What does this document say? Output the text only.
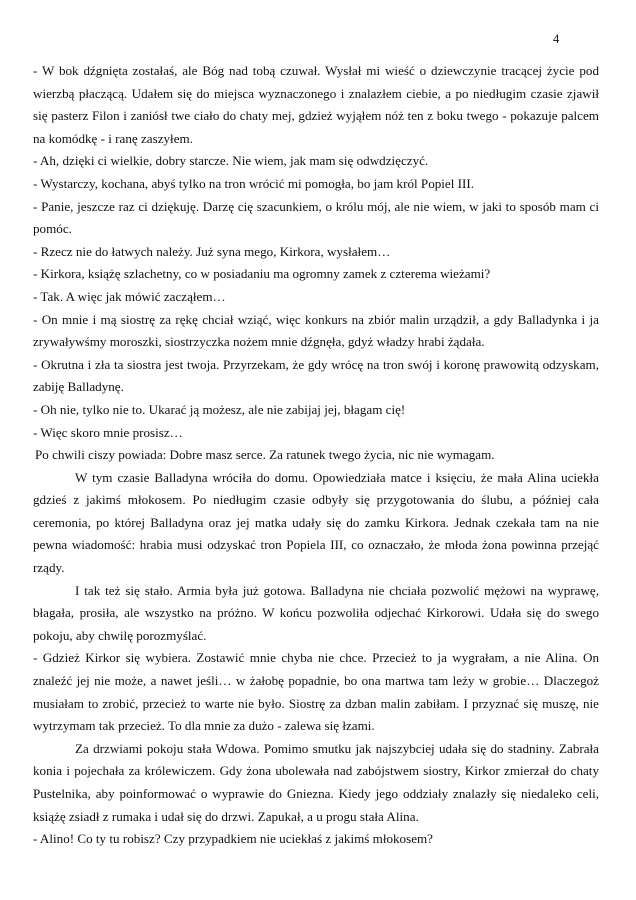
4

- W bok dźgnięta zostałaś, ale Bóg nad tobą czuwał. Wysłał mi wieść o dziewczynie tracącej życie pod wierzbą płaczącą. Udałem się do miejsca wyznaczonego i znalazłem ciebie, a po niedługim czasie zjawił się pasterz Filon i zaniósł twe ciało do chaty mej, gdzież wyjąłem nóż ten z boku twego - pokazuje palcem na komódkę - i ranę zaszyłem.

- Ah, dzięki ci wielkie, dobry starcze. Nie wiem, jak mam się odwdzięczyć.

- Wystarczy, kochana, abyś tylko na tron wrócić mi pomogła, bo jam król Popiel III.

- Panie, jeszcze raz ci dziękuję. Darzę cię szacunkiem, o królu mój, ale nie wiem, w jaki to sposób mam ci pomóc.

- Rzecz nie do łatwych należy. Już syna mego, Kirkora, wysłałem…

- Kirkora, książę szlachetny, co w posiadaniu ma ogromny zamek z czterema wieżami?

- Tak. A więc jak mówić zacząłem…

- On mnie i mą siostrę za rękę chciał wziąć, więc konkurs na zbiór malin urządził, a gdy Balladynka i ja zrywaływśmy moroszki, siostrzyczka nożem mnie dźgnęła, gdyż władzy hrabi żądała.

- Okrutna i zła ta siostra jest twoja. Przyrzekam, że gdy wrócę na tron swój i koronę prawowitą odzyskam, zabiję Balladynę.

- Oh nie, tylko nie to. Ukarać ją możesz, ale nie zabijaj jej, błagam cię!

- Więc skoro mnie prosisz…

Po chwili ciszy powiada: Dobre masz serce. Za ratunek twego życia, nic nie wymagam.

W tym czasie Balladyna wróciła do domu. Opowiedziała matce i księciu, że mała Alina uciekła gdzieś z jakimś młokosem. Po niedługim czasie odbyły się przygotowania do ślubu, a później cała ceremonia, po której Balladyna oraz jej matka udały się do zamku Kirkora. Jednak czekała tam na nie pewna wiadomość: hrabia musi odzyskać tron Popiela III, co oznaczało, że młoda żona powinna przejąć rządy.

I tak też się stało. Armia była już gotowa. Balladyna nie chciała pozwolić mężowi na wyprawę, błagała, prosiła, ale wszystko na próżno. W końcu pozwoliła odjechać Kirkorowi. Udała się do swego pokoju, aby chwilę porozmyślać.

- Gdzież Kirkor się wybiera. Zostawić mnie chyba nie chce. Przecież to ja wygrałam, a nie Alina. On znaleźć jej nie może, a nawet jeśli… w żałobę popadnie, bo ona martwa tam leży w grobie… Dlaczegoż musiałam to zrobić, przecież to warte nie było. Siostrę za dzban malin zabiłam. I przyznać się muszę, nie wytrzymam tak przecież. To dla mnie za dużo - zalewa się łzami.

Za drzwiami pokoju stała Wdowa. Pomimo smutku jak najszybciej udała się do stadniny. Zabrała konia i pojechała za królewiczem. Gdy żona ubolewała nad zabójstwem siostry, Kirkor zmierzał do chaty Pustelnika, aby poinformować o wyprawie do Gniezna. Kiedy jego oddziały znalazły się niedaleko celi, książę zsiadł z rumaka i udał się do drzwi. Zapukał, a u progu stała Alina.

- Alino! Co ty tu robisz? Czy przypadkiem nie uciekłaś z jakimś młokosem?
